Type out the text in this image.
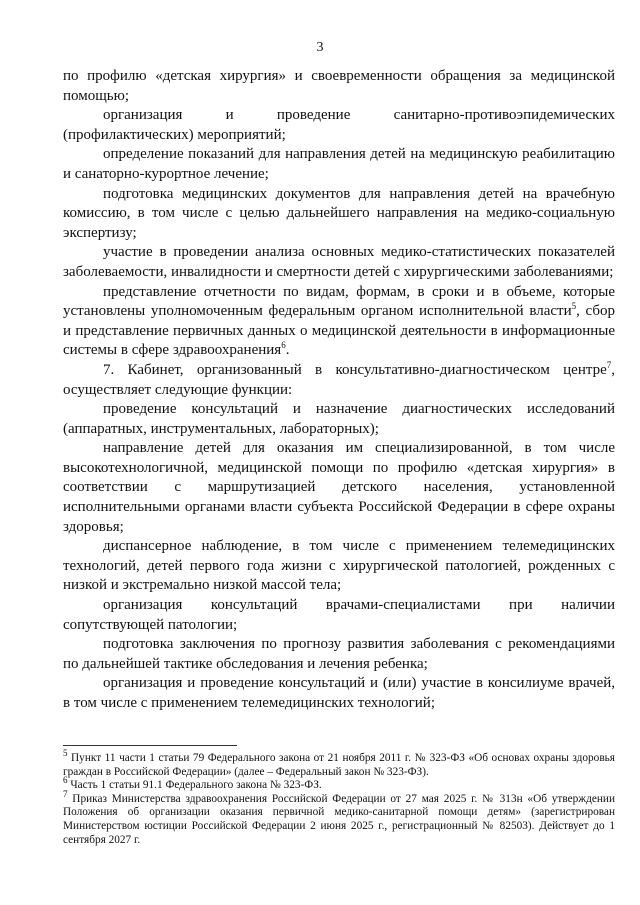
3

по профилю «детская хирургия» и своевременности обращения за медицинской помощью;

организация и проведение санитарно-противоэпидемических (профилактических) мероприятий;

определение показаний для направления детей на медицинскую реабилитацию и санаторно-курортное лечение;

подготовка медицинских документов для направления детей на врачебную комиссию, в том числе с целью дальнейшего направления на медико-социальную экспертизу;

участие в проведении анализа основных медико-статистических показателей заболеваемости, инвалидности и смертности детей с хирургическими заболеваниями;

представление отчетности по видам, формам, в сроки и в объеме, которые установлены уполномоченным федеральным органом исполнительной власти$^5$, сбор и представление первичных данных о медицинской деятельности в информационные системы в сфере здравоохранения$^6$.

7. Кабинет, организованный в консультативно-диагностическом центре$^7$, осуществляет следующие функции:

проведение консультаций и назначение диагностических исследований (аппаратных, инструментальных, лабораторных);

направление детей для оказания им специализированной, в том числе высокотехнологичной, медицинской помощи по профилю «детская хирургия» в соответствии с маршрутизацией детского населения, установленной исполнительными органами власти субъекта Российской Федерации в сфере охраны здоровья;

диспансерное наблюдение, в том числе с применением телемедицинских технологий, детей первого года жизни с хирургической патологией, рожденных с низкой и экстремально низкой массой тела;

организация консультаций врачами-специалистами при наличии сопутствующей патологии;

подготовка заключения по прогнозу развития заболевания с рекомендациями по дальнейшей тактике обследования и лечения ребенка;

организация и проведение консультаций и (или) участие в консилиуме врачей, в том числе с применением телемедицинских технологий;

$^5$ Пункт 11 части 1 статьи 79 Федерального закона от 21 ноября 2011 г. № 323-ФЗ «Об основах охраны здоровья граждан в Российской Федерации» (далее – Федеральный закон № 323-ФЗ).

$^6$ Часть 1 статьи 91.1 Федерального закона № 323-ФЗ.

$^7$ Приказ Министерства здравоохранения Российской Федерации от 27 мая 2025 г. № 313н «Об утверждении Положения об организации оказания первичной медико-санитарной помощи детям» (зарегистрирован Министерством юстиции Российской Федерации 2 июня 2025 г., регистрационный № 82503). Действует до 1 сентября 2027 г.
